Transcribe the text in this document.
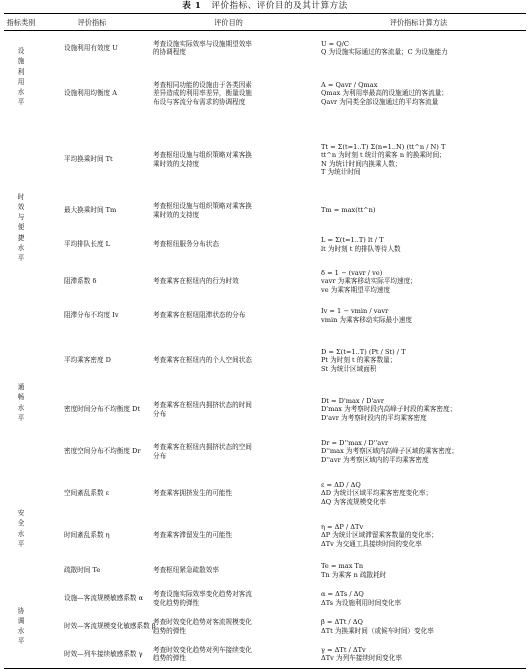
表 1 评价指标、评价目的及其计算方法
指标类别	评价指标	评价目的	评价指标计算方法

设施利用水平	设施利用有效度 U	考查设施实际效率与设施期望效率
的协调程度	U = Q/C
Q 为设施实际通过的客流量；C 为设施能力

	设施利用均衡度 A	考查相同功能的设施由于各类因素
差异造成的利用率差异，衡量设施
布设与客流分布需求的协调程度	A = Qavr / Qmax
Qmax 为利用率最高的设施通过的客流量；
Qavr 为同类全部设施通过的平均客流量

时效与便捷水平	平均换乘时间 Tt	考查枢纽设施与组织策略对乘客换
乘时效的支持度	Tt = Σ(t=1..T) Σ(n=1..N) (tt^n / N) T
tt^n 为时刻 t 统计的乘客 n 的换乘时间；
N 为统计时间内换乘人数；
T 为统计时间

	最大换乘时间 Tm	考查枢纽设施与组织策略对乘客换
乘时效的支持度	Tm = max(tt^n)

	平均排队长度 L	考查枢纽服务分布状态	L = Σ(t=1..T) lt / T
lt 为时刻 t 的排队等待人数

	阻滞系数 δ	考查乘客在枢纽内的行为时效	δ = 1 − (vavr / ve)
vavr 为乘客移动实际平均速度；
ve 为乘客期望平均速度

	阻滞分布不均度 Iv	考查乘客在枢纽阻滞状态的分布	Iv = 1 − vmin / vavr
vmin 为乘客移动实际最小速度

通畅水平	平均乘客密度 D	考查乘客在枢纽内的个人空间状态	D = Σ(t=1..T) (Pt / St) / T
Pt 为时刻 t 的乘客数量；
St 为统计区域面积

	密度时间分布不均衡度 Dt	考查乘客在枢纽内拥挤状态的时间
分布	Dt = D'max / D'avr
D'max 为考察时段内高峰子时段的乘客密度；
D'avr 为考察时段内的平均乘客密度

	密度空间分布不均衡度 Dr	考查乘客在枢纽内拥挤状态的空间
分布	Dr = D''max / D''avr
D''max 为考察区域内高峰子区域的乘客密度；
D''avr 为考察区域内的平均乘客密度

安全水平	空间紊乱系数 ε	考查乘客拥挤发生的可能性	ε = ΔD / ΔQ
ΔD 为统计区域平均乘客密度变化率；
ΔQ 为客流规模变化率

	时间紊乱系数 η	考查乘客滞留发生的可能性	η = ΔP / ΔTv
ΔP 为统计区域滞留乘客数量的变化率；
ΔTv 为交通工具接续时间的变化率

	疏散时间 Te	考查枢纽紧急疏散效率	Te = max Tn
Tn 为乘客 n 疏散耗时

协调水平	设施—客流规模敏感系数 α	考查设施实际效率变化趋势对客流
变化趋势的弹性	α = ΔTs / ΔQ
ΔTs 为设施利用时间变化率

	时效—客流规模变化敏感系数 β	考查时效变化趋势对客流规模变化
趋势的弹性	β = ΔTt / ΔQ
ΔTt 为换乘时间（或候车时间）变化率

	时效—列车接续敏感系数 γ	考查时效变化趋势对列车接续变化
趋势的弹性	γ = ΔTt / ΔTv
ΔTv 为列车接续时间变化率
